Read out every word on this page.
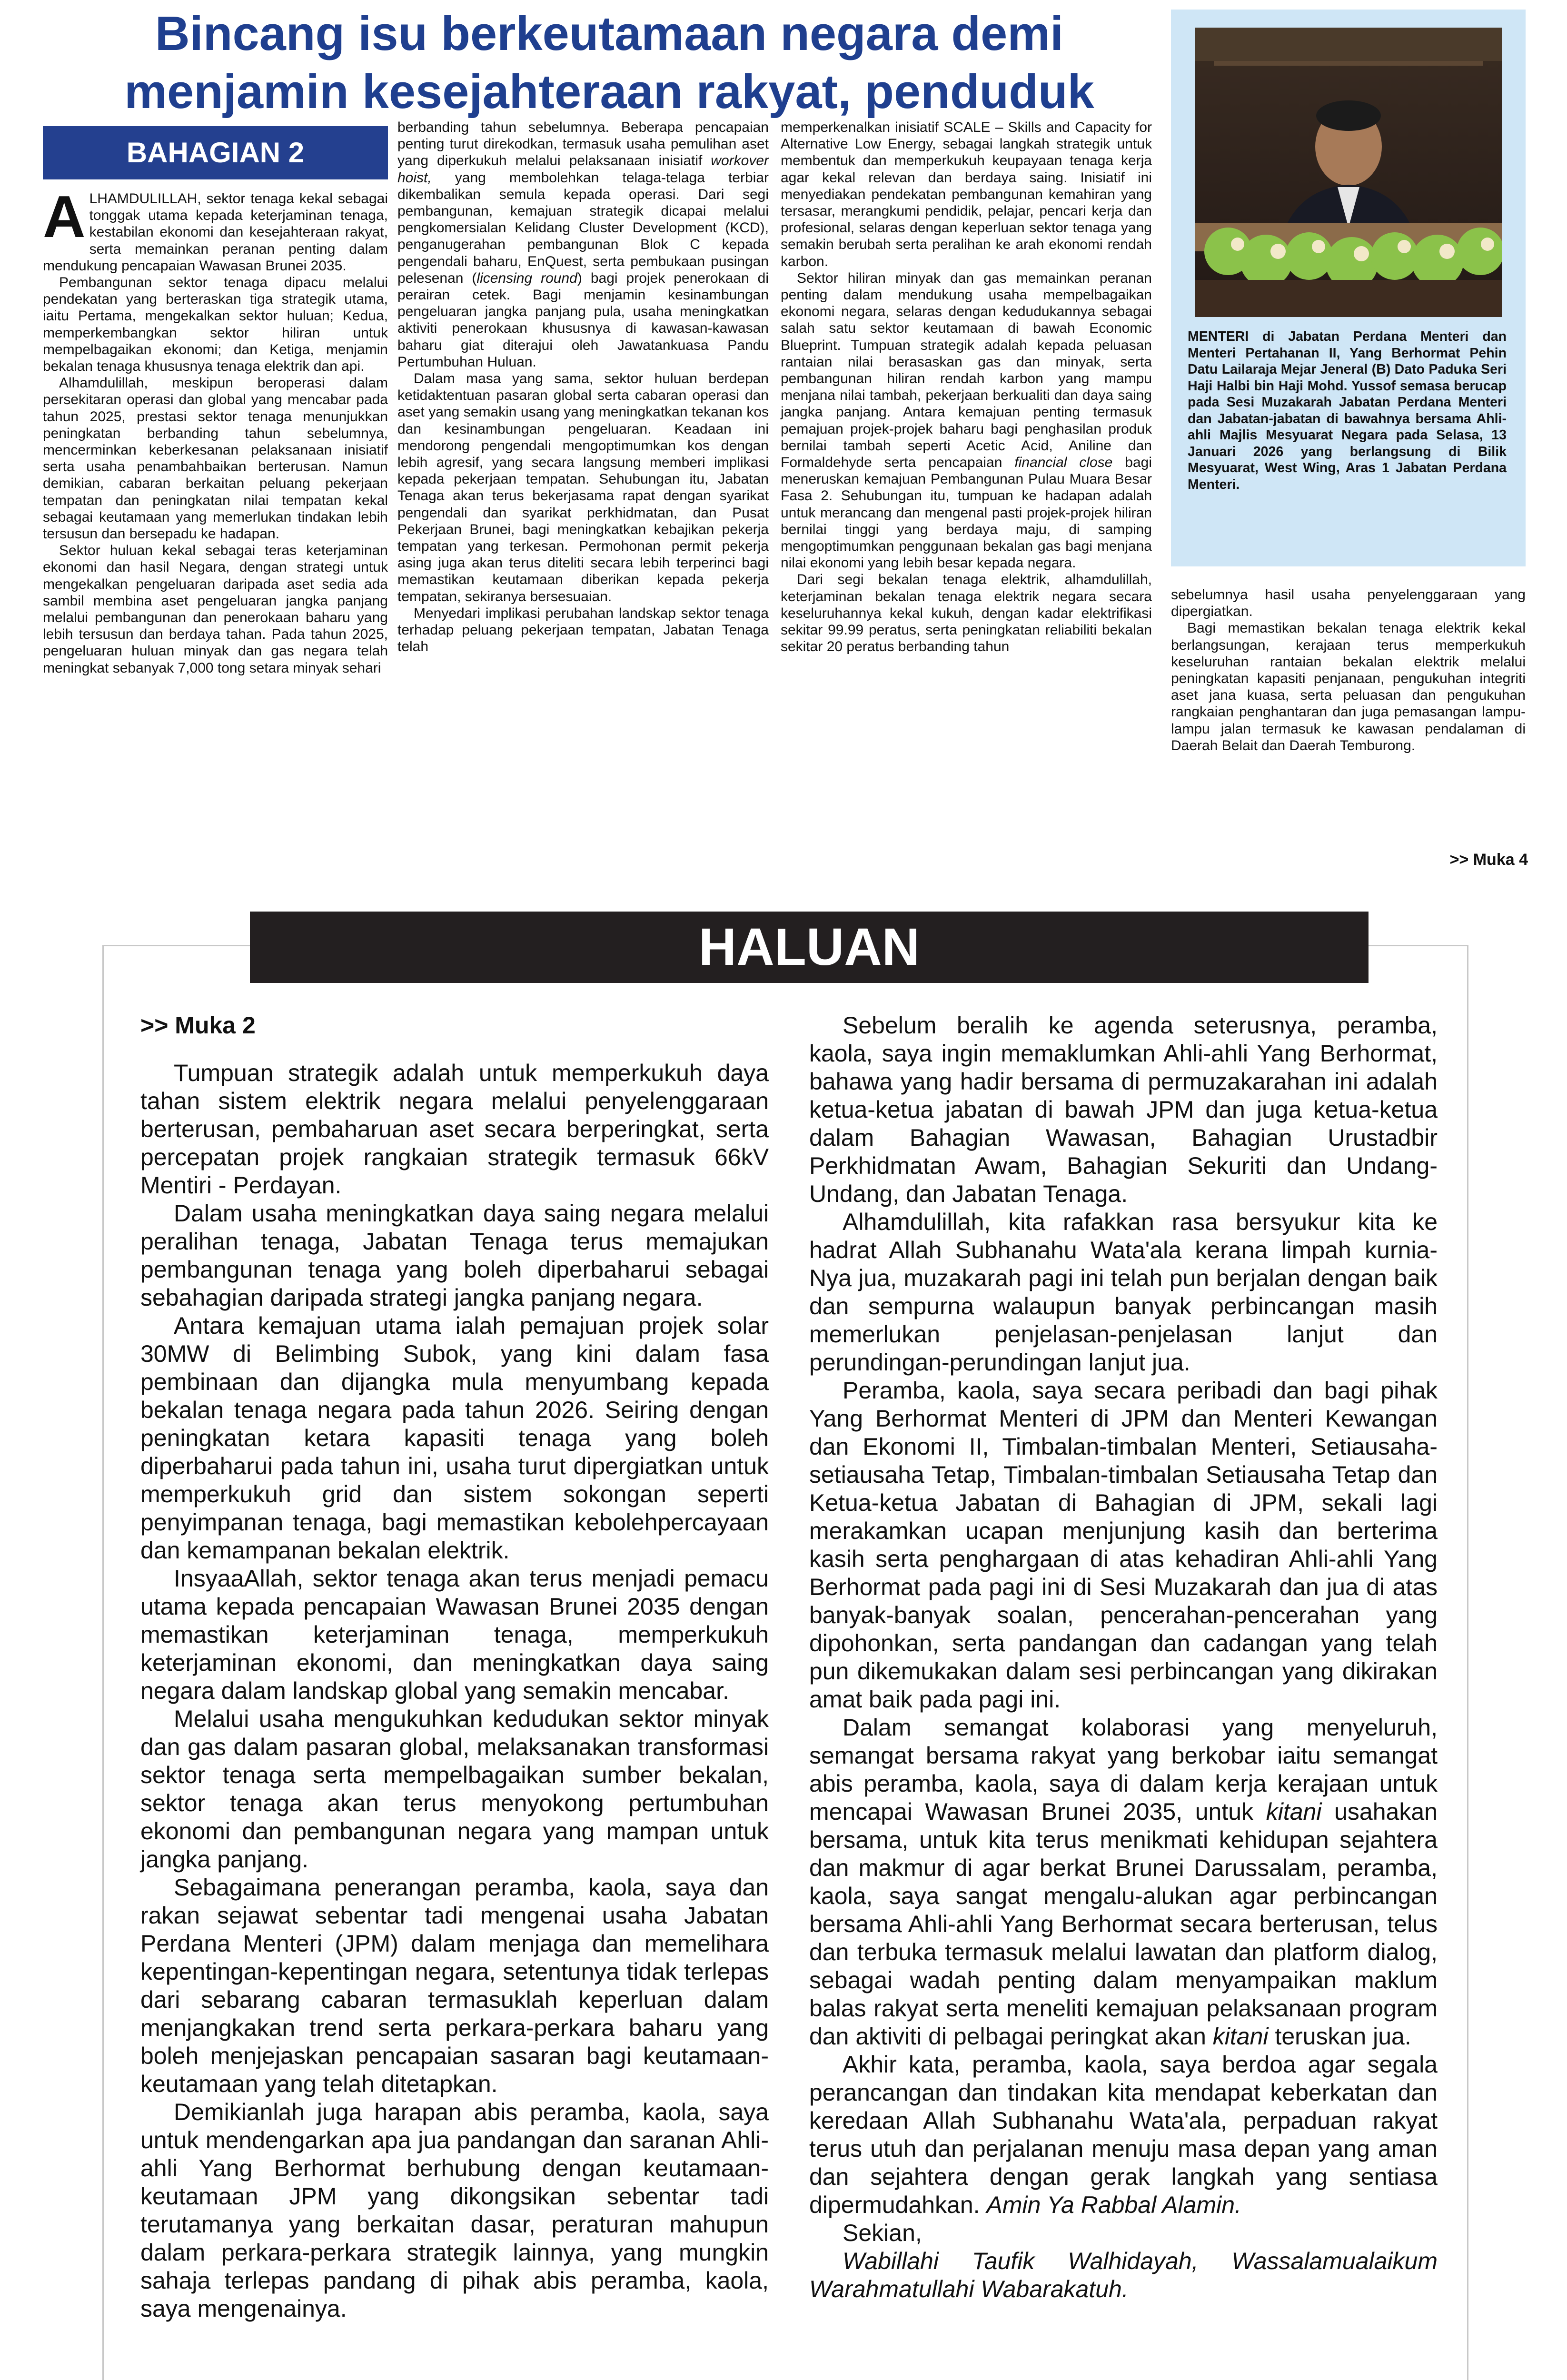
Bincang isu berkeutamaan negara demi
menjamin kesejahteraan rakyat, penduduk
BAHAGIAN 2

ALHAMDULILLAH, sektor tenaga kekal sebagai tonggak utama kepada keterjaminan tenaga, kestabilan ekonomi dan kesejahteraan rakyat, serta memainkan peranan penting dalam mendukung pencapaian Wawasan Brunei 2035.

Pembangunan sektor tenaga dipacu melalui pendekatan yang berteraskan tiga strategik utama, iaitu Pertama, mengekalkan sektor huluan; Kedua, memperkembangkan sektor hiliran untuk mempelbagaikan ekonomi; dan Ketiga, menjamin bekalan tenaga khususnya tenaga elektrik dan api.

Alhamdulillah, meskipun beroperasi dalam persekitaran operasi dan global yang mencabar pada tahun 2025, prestasi sektor tenaga menunjukkan peningkatan berbanding tahun sebelumnya, mencerminkan keberkesanan pelaksanaan inisiatif serta usaha penambahbaikan berterusan. Namun demikian, cabaran berkaitan peluang pekerjaan tempatan dan peningkatan nilai tempatan kekal sebagai keutamaan yang memerlukan tindakan lebih tersusun dan bersepadu ke hadapan.

Sektor huluan kekal sebagai teras keterjaminan ekonomi dan hasil Negara, dengan strategi untuk mengekalkan pengeluaran daripada aset sedia ada sambil membina aset pengeluaran jangka panjang melalui pembangunan dan penerokaan baharu yang lebih tersusun dan berdaya tahan. Pada tahun 2025, pengeluaran huluan minyak dan gas negara telah meningkat sebanyak 7,000 tong setara minyak sehari

berbanding tahun sebelumnya. Beberapa pencapaian penting turut direkodkan, termasuk usaha pemulihan aset yang diperkukuh melalui pelaksanaan inisiatif workover hoist, yang membolehkan telaga-telaga terbiar dikembalikan semula kepada operasi. Dari segi pembangunan, kemajuan strategik dicapai melalui pengkomersialan Kelidang Cluster Development (KCD), penganugerahan pembangunan Blok C kepada pengendali baharu, EnQuest, serta pembukaan pusingan pelesenan (licensing round) bagi projek penerokaan di perairan cetek. Bagi menjamin kesinambungan pengeluaran jangka panjang pula, usaha meningkatkan aktiviti penerokaan khususnya di kawasan-kawasan baharu giat diterajui oleh Jawatankuasa Pandu Pertumbuhan Huluan.

Dalam masa yang sama, sektor huluan berdepan ketidaktentuan pasaran global serta cabaran operasi dan aset yang semakin usang yang meningkatkan tekanan kos dan kesinambungan pengeluaran. Keadaan ini mendorong pengendali mengoptimumkan kos dengan lebih agresif, yang secara langsung memberi implikasi kepada pekerjaan tempatan. Sehubungan itu, Jabatan Tenaga akan terus bekerjasama rapat dengan syarikat pengendali dan syarikat perkhidmatan, dan Pusat Pekerjaan Brunei, bagi meningkatkan kebajikan pekerja tempatan yang terkesan. Permohonan permit pekerja asing juga akan terus diteliti secara lebih terperinci bagi memastikan keutamaan diberikan kepada pekerja tempatan, sekiranya bersesuaian.

Menyedari implikasi perubahan landskap sektor tenaga terhadap peluang pekerjaan tempatan, Jabatan Tenaga telah

memperkenalkan inisiatif SCALE – Skills and Capacity for Alternative Low Energy, sebagai langkah strategik untuk membentuk dan memperkukuh keupayaan tenaga kerja agar kekal relevan dan berdaya saing. Inisiatif ini menyediakan pendekatan pembangunan kemahiran yang tersasar, merangkumi pendidik, pelajar, pencari kerja dan profesional, selaras dengan keperluan sektor tenaga yang semakin berubah serta peralihan ke arah ekonomi rendah karbon.

Sektor hiliran minyak dan gas memainkan peranan penting dalam mendukung usaha mempelbagaikan ekonomi negara, selaras dengan kedudukannya sebagai salah satu sektor keutamaan di bawah Economic Blueprint. Tumpuan strategik adalah kepada peluasan rantaian nilai berasaskan gas dan minyak, serta pembangunan hiliran rendah karbon yang mampu menjana nilai tambah, pekerjaan berkualiti dan daya saing jangka panjang. Antara kemajuan penting termasuk pemajuan projek-projek baharu bagi penghasilan produk bernilai tambah seperti Acetic Acid, Aniline dan Formaldehyde serta pencapaian financial close bagi meneruskan kemajuan Pembangunan Pulau Muara Besar Fasa 2. Sehubungan itu, tumpuan ke hadapan adalah untuk merancang dan mengenal pasti projek-projek hiliran bernilai tinggi yang berdaya maju, di samping mengoptimumkan penggunaan bekalan gas bagi menjana nilai ekonomi yang lebih besar kepada negara.

Dari segi bekalan tenaga elektrik, alhamdulillah, keterjaminan bekalan tenaga elektrik negara secara keseluruhannya kekal kukuh, dengan kadar elektrifikasi sekitar 99.99 peratus, serta peningkatan reliabiliti bekalan sekitar 20 peratus berbanding tahun

MENTERI di Jabatan Perdana Menteri dan Menteri Pertahanan II, Yang Berhormat Pehin Datu Lailaraja Mejar Jeneral (B) Dato Paduka Seri Haji Halbi bin Haji Mohd. Yussof semasa berucap pada Sesi Muzakarah Jabatan Perdana Menteri dan Jabatan-jabatan di bawahnya bersama Ahli-ahli Majlis Mesyuarat Negara pada Selasa, 13 Januari 2026 yang berlangsung di Bilik Mesyuarat, West Wing, Aras 1 Jabatan Perdana Menteri.

sebelumnya hasil usaha penyelenggaraan yang dipergiatkan.

Bagi memastikan bekalan tenaga elektrik kekal berlangsungan, kerajaan terus memperkukuh keseluruhan rantaian bekalan elektrik melalui peningkatan kapasiti penjanaan, pengukuhan integriti aset jana kuasa, serta peluasan dan pengukuhan rangkaian penghantaran dan juga pemasangan lampu-lampu jalan termasuk ke kawasan pendalaman di Daerah Belait dan Daerah Temburong.

>> Muka 4
HALUAN
>> Muka 2

Tumpuan strategik adalah untuk memperkukuh daya tahan sistem elektrik negara melalui penyelenggaraan berterusan, pembaharuan aset secara berperingkat, serta percepatan projek rangkaian strategik termasuk 66kV Mentiri - Perdayan.

Dalam usaha meningkatkan daya saing negara melalui peralihan tenaga, Jabatan Tenaga terus memajukan pembangunan tenaga yang boleh diperbaharui sebagai sebahagian daripada strategi jangka panjang negara.

Antara kemajuan utama ialah pemajuan projek solar 30MW di Belimbing Subok, yang kini dalam fasa pembinaan dan dijangka mula menyumbang kepada bekalan tenaga negara pada tahun 2026. Seiring dengan peningkatan ketara kapasiti tenaga yang boleh diperbaharui pada tahun ini, usaha turut dipergiatkan untuk memperkukuh grid dan sistem sokongan seperti penyimpanan tenaga, bagi memastikan kebolehpercayaan dan kemampanan bekalan elektrik.

InsyaaAllah, sektor tenaga akan terus menjadi pemacu utama kepada pencapaian Wawasan Brunei 2035 dengan memastikan keterjaminan tenaga, memperkukuh keterjaminan ekonomi, dan meningkatkan daya saing negara dalam landskap global yang semakin mencabar.

Melalui usaha mengukuhkan kedudukan sektor minyak dan gas dalam pasaran global, melaksanakan transformasi sektor tenaga serta mempelbagaikan sumber bekalan, sektor tenaga akan terus menyokong pertumbuhan ekonomi dan pembangunan negara yang mampan untuk jangka panjang.

Sebagaimana penerangan peramba, kaola, saya dan rakan sejawat sebentar tadi mengenai usaha Jabatan Perdana Menteri (JPM) dalam menjaga dan memelihara kepentingan-kepentingan negara, setentunya tidak terlepas dari sebarang cabaran termasuklah keperluan dalam menjangkakan trend serta perkara-perkara baharu yang boleh menjejaskan pencapaian sasaran bagi keutamaan-keutamaan yang telah ditetapkan.

Demikianlah juga harapan abis peramba, kaola, saya untuk mendengarkan apa jua pandangan dan saranan Ahli-ahli Yang Berhormat berhubung dengan keutamaan-keutamaan JPM yang dikongsikan sebentar tadi terutamanya yang berkaitan dasar, peraturan mahupun dalam perkara-perkara strategik lainnya, yang mungkin sahaja terlepas pandang di pihak abis peramba, kaola, saya mengenainya.

Sebelum beralih ke agenda seterusnya, peramba, kaola, saya ingin memaklumkan Ahli-ahli Yang Berhormat, bahawa yang hadir bersama di permuzakarahan ini adalah ketua-ketua jabatan di bawah JPM dan juga ketua-ketua dalam Bahagian Wawasan, Bahagian Urustadbir Perkhidmatan Awam, Bahagian Sekuriti dan Undang-Undang, dan Jabatan Tenaga.

Alhamdulillah, kita rafakkan rasa bersyukur kita ke hadrat Allah Subhanahu Wata'ala kerana limpah kurnia-Nya jua, muzakarah pagi ini telah pun berjalan dengan baik dan sempurna walaupun banyak perbincangan masih memerlukan penjelasan-penjelasan lanjut dan perundingan-perundingan lanjut jua.

Peramba, kaola, saya secara peribadi dan bagi pihak Yang Berhormat Menteri di JPM dan Menteri Kewangan dan Ekonomi II, Timbalan-timbalan Menteri, Setiausaha-setiausaha Tetap, Timbalan-timbalan Setiausaha Tetap dan Ketua-ketua Jabatan di Bahagian di JPM, sekali lagi merakamkan ucapan menjunjung kasih dan berterima kasih serta penghargaan di atas kehadiran Ahli-ahli Yang Berhormat pada pagi ini di Sesi Muzakarah dan jua di atas banyak-banyak soalan, pencerahan-pencerahan yang dipohonkan, serta pandangan dan cadangan yang telah pun dikemukakan dalam sesi perbincangan yang dikirakan amat baik pada pagi ini.

Dalam semangat kolaborasi yang menyeluruh, semangat bersama rakyat yang berkobar iaitu semangat abis peramba, kaola, saya di dalam kerja kerajaan untuk mencapai Wawasan Brunei 2035, untuk kitani usahakan bersama, untuk kita terus menikmati kehidupan sejahtera dan makmur di agar berkat Brunei Darussalam, peramba, kaola, saya sangat mengalu-alukan agar perbincangan bersama Ahli-ahli Yang Berhormat secara berterusan, telus dan terbuka termasuk melalui lawatan dan platform dialog, sebagai wadah penting dalam menyampaikan maklum balas rakyat serta meneliti kemajuan pelaksanaan program dan aktiviti di pelbagai peringkat akan kitani teruskan jua.

Akhir kata, peramba, kaola, saya berdoa agar segala perancangan dan tindakan kita mendapat keberkatan dan keredaan Allah Subhanahu Wata'ala, perpaduan rakyat terus utuh dan perjalanan menuju masa depan yang aman dan sejahtera dengan gerak langkah yang sentiasa dipermudahkan. Amin Ya Rabbal Alamin.

Sekian,

Wabillahi Taufik Walhidayah, Wassalamualaikum Warahmatullahi Wabarakatuh.
